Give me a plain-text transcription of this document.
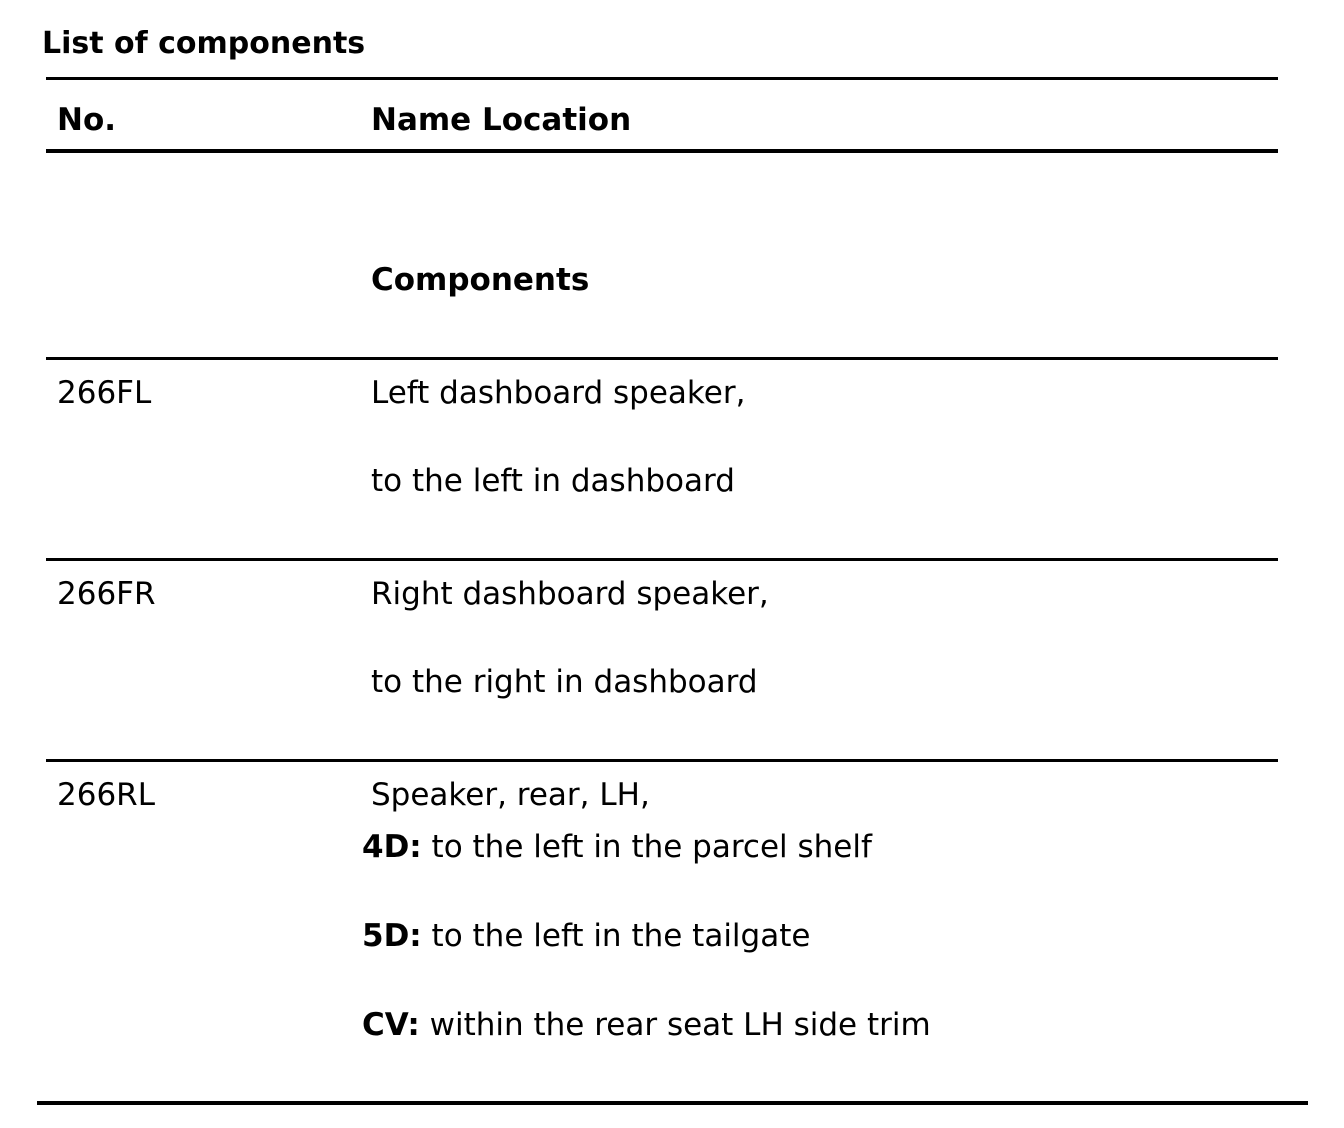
List of components
No.	Name Location
Components
266FL	Left dashboard speaker,
to the left in dashboard
266FR	Right dashboard speaker,
to the right in dashboard
266RL	Speaker, rear, LH,
4D: to the left in the parcel shelf
5D: to the left in the tailgate
CV: within the rear seat LH side trim
